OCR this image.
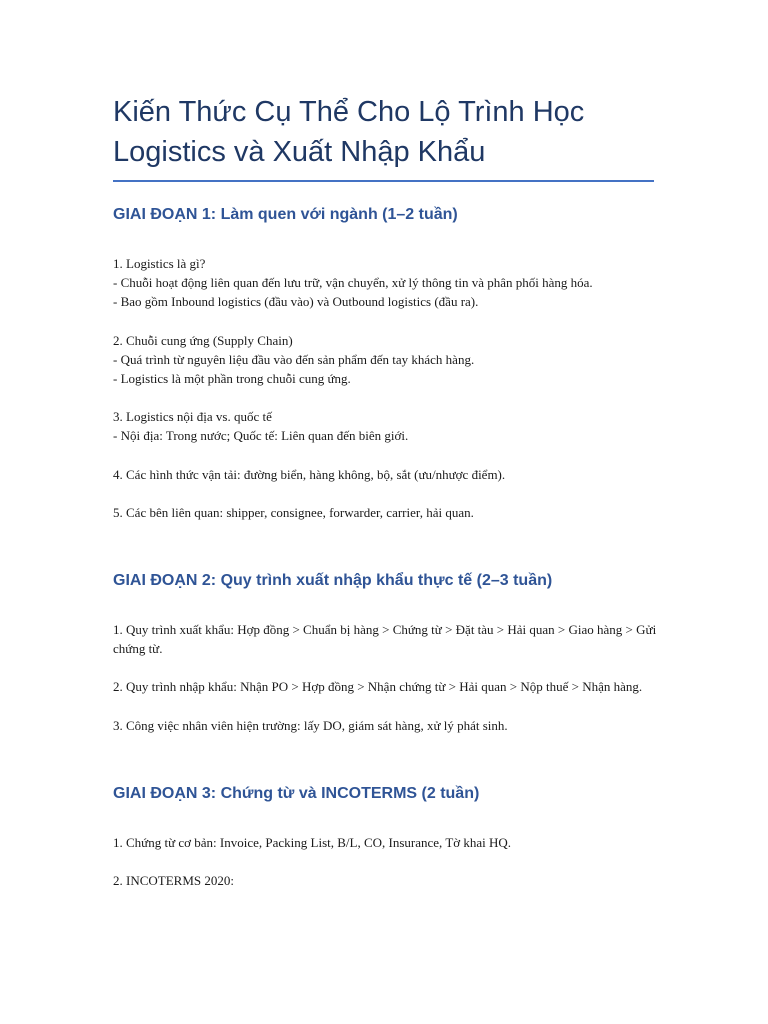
Kiến Thức Cụ Thể Cho Lộ Trình Học
Logistics và Xuất Nhập Khẩu
GIAI ĐOẠN 1: Làm quen với ngành (1–2 tuần)

1. Logistics là gì?
- Chuỗi hoạt động liên quan đến lưu trữ, vận chuyển, xử lý thông tin và phân phối hàng hóa.
- Bao gồm Inbound logistics (đầu vào) và Outbound logistics (đầu ra).

2. Chuỗi cung ứng (Supply Chain)
- Quá trình từ nguyên liệu đầu vào đến sản phẩm đến tay khách hàng.
- Logistics là một phần trong chuỗi cung ứng.

3. Logistics nội địa vs. quốc tế
- Nội địa: Trong nước; Quốc tế: Liên quan đến biên giới.

4. Các hình thức vận tải: đường biển, hàng không, bộ, sắt (ưu/nhược điểm).

5. Các bên liên quan: shipper, consignee, forwarder, carrier, hải quan.

GIAI ĐOẠN 2: Quy trình xuất nhập khẩu thực tế (2–3 tuần)

1. Quy trình xuất khẩu: Hợp đồng > Chuẩn bị hàng > Chứng từ > Đặt tàu > Hải quan > Giao hàng > Gửi chứng từ.

2. Quy trình nhập khẩu: Nhận PO > Hợp đồng > Nhận chứng từ > Hải quan > Nộp thuế > Nhận hàng.

3. Công việc nhân viên hiện trường: lấy DO, giám sát hàng, xử lý phát sinh.

GIAI ĐOẠN 3: Chứng từ và INCOTERMS (2 tuần)

1. Chứng từ cơ bản: Invoice, Packing List, B/L, CO, Insurance, Tờ khai HQ.

2. INCOTERMS 2020:
